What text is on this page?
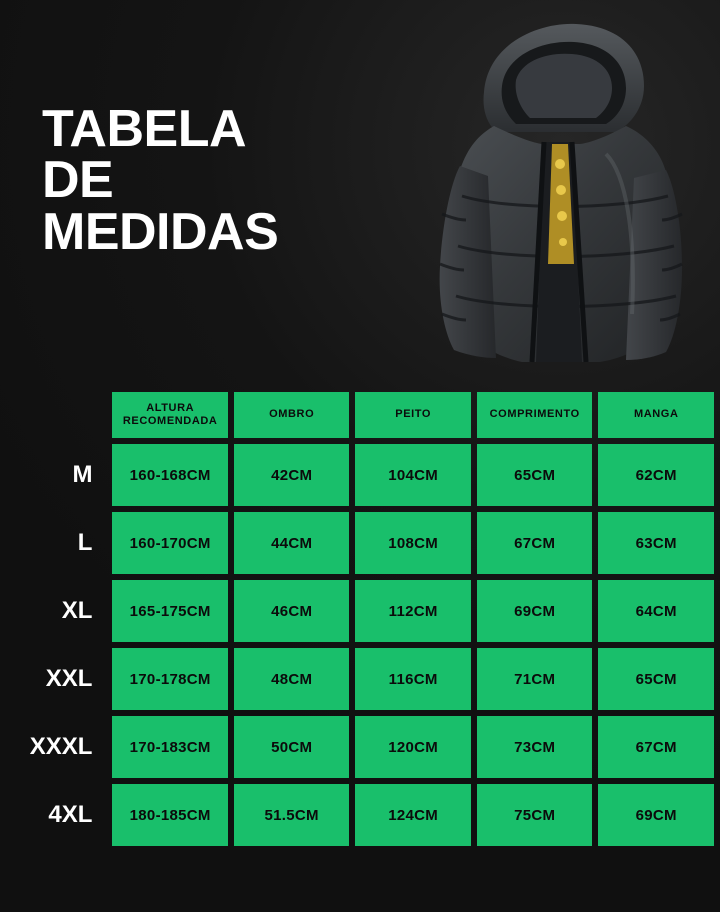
TABELA
DE
MEDIDAS
	ALTURA RECOMENDADA	OMBRO	PEITO	COMPRIMENTO	MANGA
M	160-168CM	42CM	104CM	65CM	62CM
L	160-170CM	44CM	108CM	67CM	63CM
XL	165-175CM	46CM	112CM	69CM	64CM
XXL	170-178CM	48CM	116CM	71CM	65CM
XXXL	170-183CM	50CM	120CM	73CM	67CM
4XL	180-185CM	51.5CM	124CM	75CM	69CM
